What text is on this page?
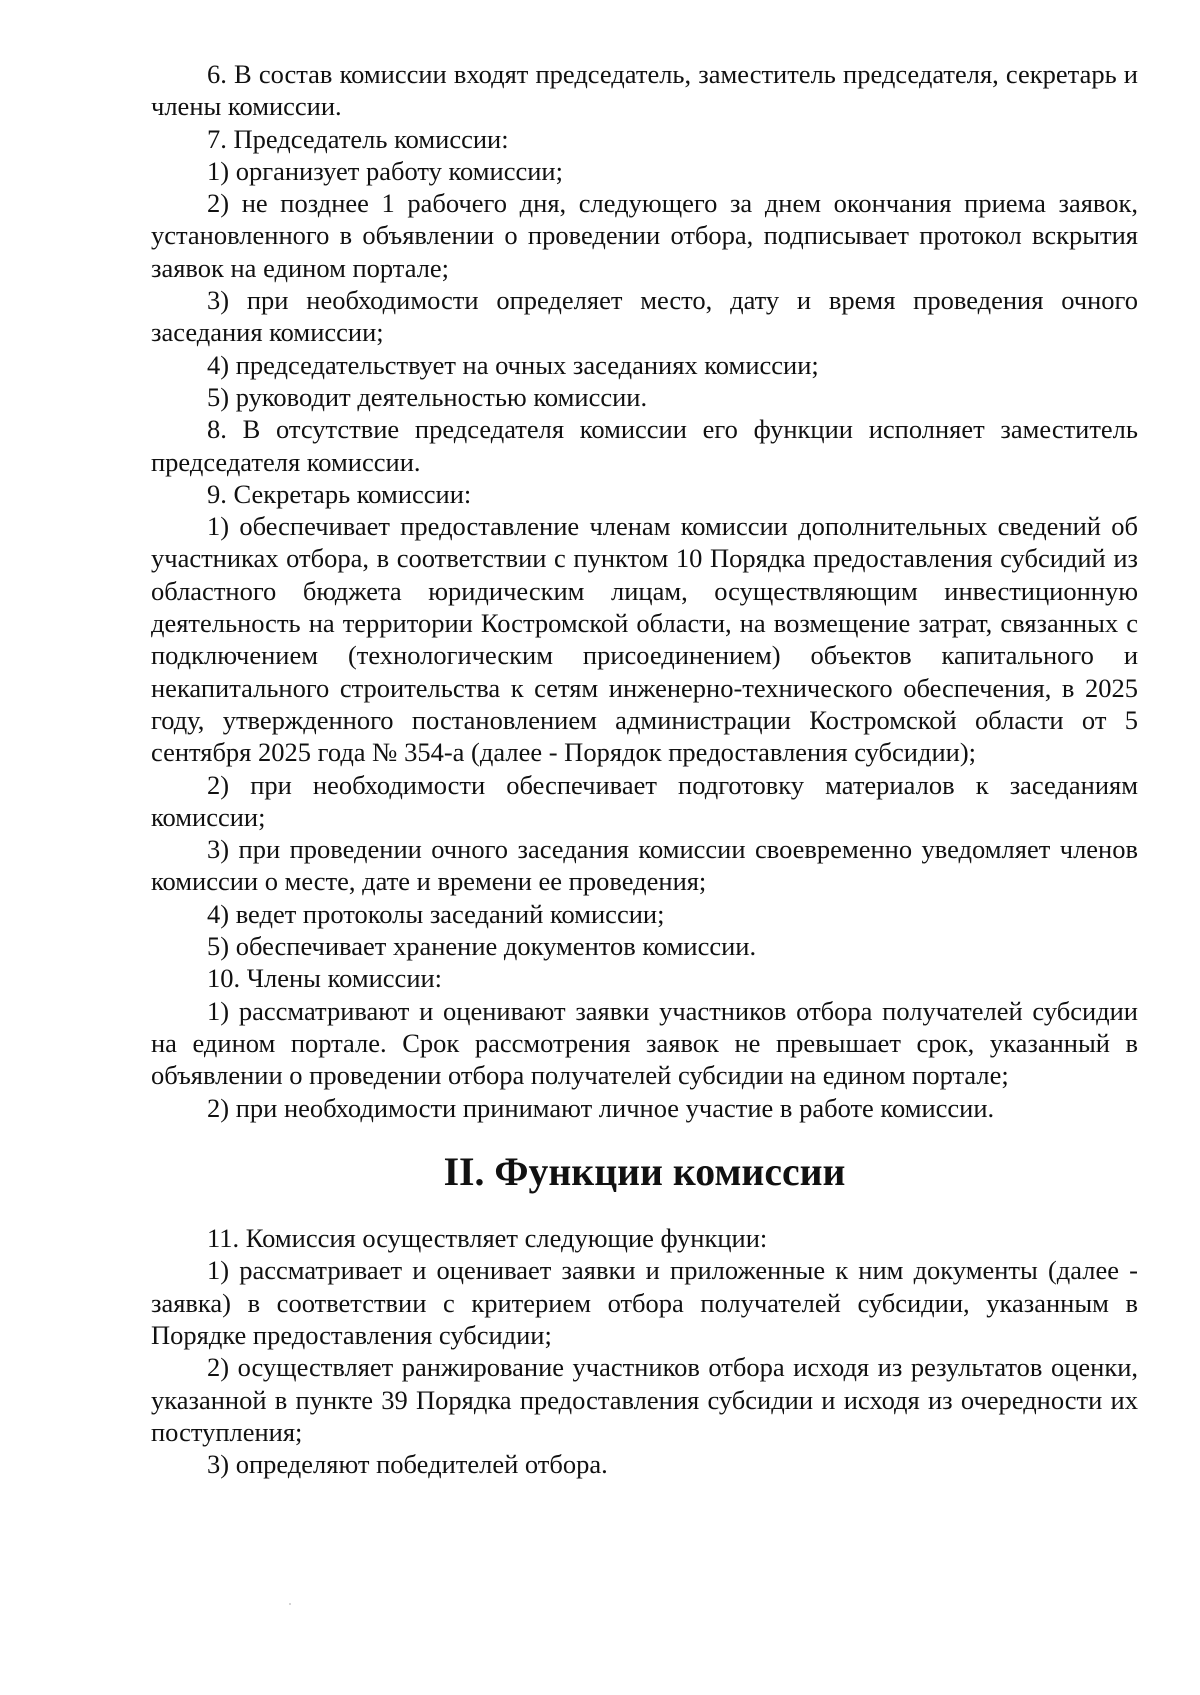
6. В состав комиссии входят председатель, заместитель председателя, секретарь и члены комиссии.

7. Председатель комиссии:

1) организует работу комиссии;

2) не позднее 1 рабочего дня, следующего за днем окончания приема заявок, установленного в объявлении о проведении отбора, подписывает протокол вскрытия заявок на едином портале;

3) при необходимости определяет место, дату и время проведения очного заседания комиссии;

4) председательствует на очных заседаниях комиссии;

5) руководит деятельностью комиссии.

8. В отсутствие председателя комиссии его функции исполняет заместитель председателя комиссии.

9. Секретарь комиссии:

1) обеспечивает предоставление членам комиссии дополнительных сведений об участниках отбора, в соответствии с пунктом 10 Порядка предоставления субсидий из областного бюджета юридическим лицам, осуществляющим инвестиционную деятельность на территории Костромской области, на возмещение затрат, связанных с подключением (технологическим присоединением) объектов капитального и некапитального строительства к сетям инженерно-технического обеспечения, в 2025 году, утвержденного постановлением администрации Костромской области от 5 сентября 2025 года № 354-а (далее - Порядок предоставления субсидии);

2) при необходимости обеспечивает подготовку материалов к заседаниям комиссии;

3) при проведении очного заседания комиссии своевременно уведомляет членов комиссии о месте, дате и времени ее проведения;

4) ведет протоколы заседаний комиссии;

5) обеспечивает хранение документов комиссии.

10. Члены комиссии:

1) рассматривают и оценивают заявки участников отбора получателей субсидии на едином портале. Срок рассмотрения заявок не превышает срок, указанный в объявлении о проведении отбора получателей субсидии на едином портале;

2) при необходимости принимают личное участие в работе комиссии.

II. Функции комиссии

11. Комиссия осуществляет следующие функции:

1) рассматривает и оценивает заявки и приложенные к ним документы (далее - заявка) в соответствии с критерием отбора получателей субсидии, указанным в Порядке предоставления субсидии;

2) осуществляет ранжирование участников отбора исходя из результатов оценки, указанной в пункте 39 Порядка предоставления субсидии и исходя из очередности их поступления;

3) определяют победителей отбора.
